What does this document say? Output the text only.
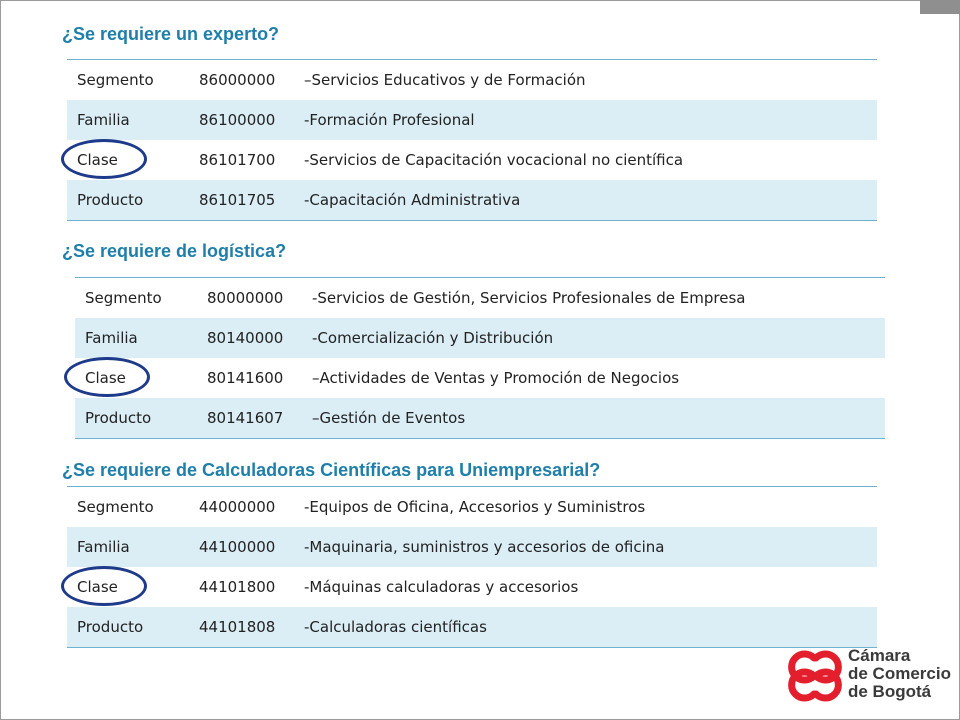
¿Se requiere un experto?
Segmento	86000000	–Servicios Educativos y de Formación
Familia	86100000	-Formación Profesional
Clase	86101700	-Servicios de Capacitación vocacional no científica
Producto	86101705	-Capacitación Administrativa
¿Se requiere de logística?
Segmento	80000000	-Servicios de Gestión, Servicios Profesionales de Empresa
Familia	80140000	-Comercialización y Distribución
Clase	80141600	–Actividades de Ventas y Promoción de Negocios
Producto	80141607	–Gestión de Eventos
¿Se requiere de Calculadoras Científicas para Uniempresarial?
Segmento	44000000	-Equipos de Oficina, Accesorios y Suministros
Familia	44100000	-Maquinaria, suministros y accesorios de oficina
Clase	44101800	-Máquinas calculadoras y accesorios
Producto	44101808	-Calculadoras científicas
Cámara
de Comercio
de Bogotá
